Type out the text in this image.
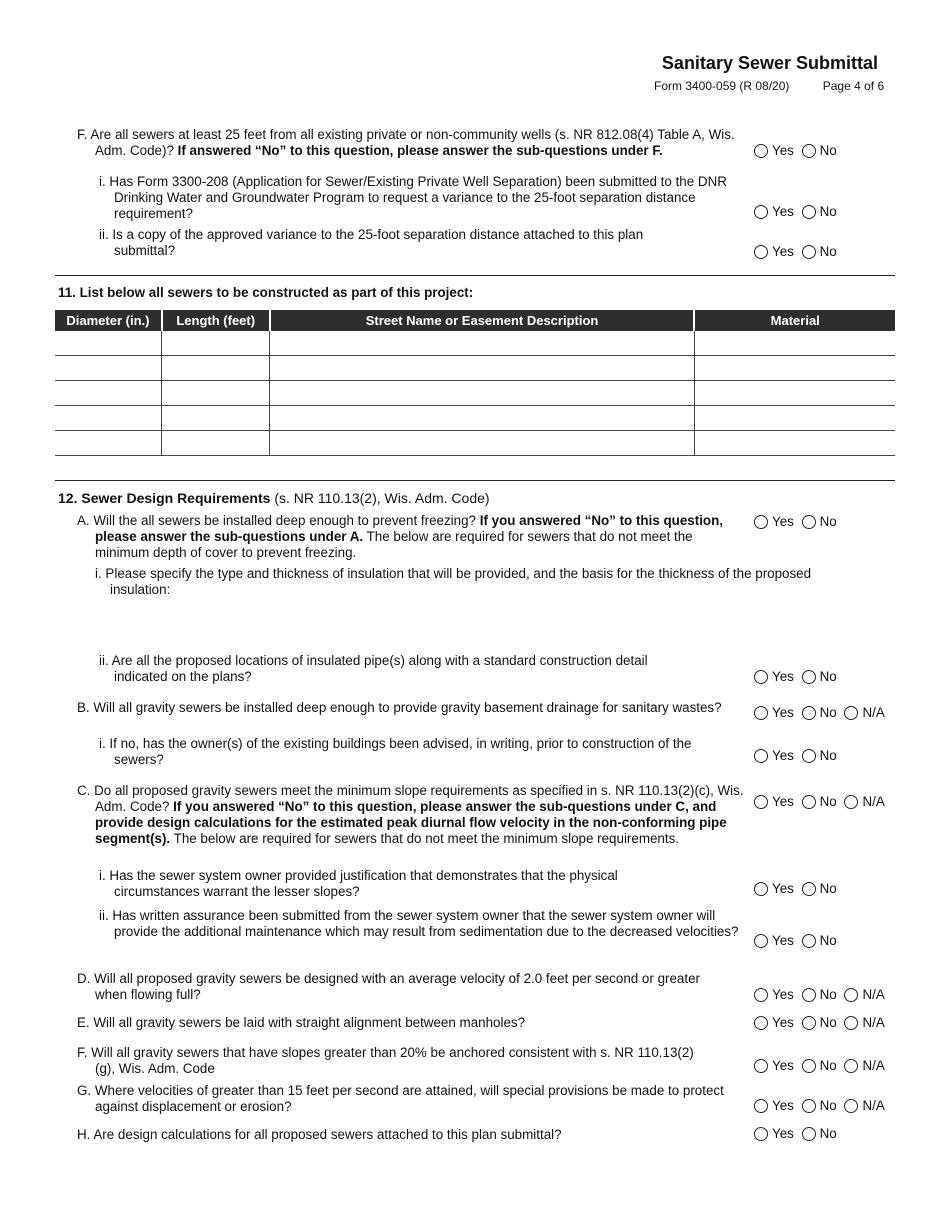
Sanitary Sewer Submittal
Form 3400-059 (R 08/20)	Page 4 of 6
F. Are all sewers at least 25 feet from all existing private or non-community wells (s. NR 812.08(4) Table A, Wis. Adm. Code)? If answered “No” to this question, please answer the sub-questions under F.	Yes
No
i. Has Form 3300-208 (Application for Sewer/Existing Private Well Separation) been submitted to the DNR Drinking Water and Groundwater Program to request a variance to the 25-foot separation distance requirement?	Yes
No
ii. Is a copy of the approved variance to the 25-foot separation distance attached to this plan submittal?	Yes
No
11. List below all sewers to be constructed as part of this project:
Diameter (in.)	Length (feet)	Street Name or Easement Description	Material

12. Sewer Design Requirements (s. NR 110.13(2), Wis. Adm. Code)
A. Will the all sewers be installed deep enough to prevent freezing? If you answered “No” to this question, please answer the sub-questions under A. The below are required for sewers that do not meet the minimum depth of cover to prevent freezing.
Yes
No
i. Please specify the type and thickness of insulation that will be provided, and the basis for the thickness of the proposed insulation:
ii. Are all the proposed locations of insulated pipe(s) along with a standard construction detail indicated on the plans?	Yes
No
B. Will all gravity sewers be installed deep enough to provide gravity basement drainage for sanitary wastes?	Yes
No
N/A
i. If no, has the owner(s) of the existing buildings been advised, in writing, prior to construction of the sewers?	Yes
No
C. Do all proposed gravity sewers meet the minimum slope requirements as specified in s. NR 110.13(2)(c), Wis. Adm. Code? If you answered “No” to this question, please answer the sub-questions under C, and provide design calculations for the estimated peak diurnal flow velocity in the non-conforming pipe segment(s). The below are required for sewers that do not meet the minimum slope requirements.
Yes
No
N/A
i. Has the sewer system owner provided justification that demonstrates that the physical circumstances warrant the lesser slopes?	Yes
No
ii. Has written assurance been submitted from the sewer system owner that the sewer system owner will provide the additional maintenance which may result from sedimentation due to the decreased velocities?
Yes
No
D. Will all proposed gravity sewers be designed with an average velocity of 2.0 feet per second or greater when flowing full?	Yes
No
N/A
E. Will all gravity sewers be laid with straight alignment between manholes?	Yes
No
N/A
F. Will all gravity sewers that have slopes greater than 20% be anchored consistent with s. NR 110.13(2)(g), Wis. Adm. Code	Yes
No
N/A
G. Where velocities of greater than 15 feet per second are attained, will special provisions be made to protect against displacement or erosion?	Yes
No
N/A
H. Are design calculations for all proposed sewers attached to this plan submittal?	Yes
No
